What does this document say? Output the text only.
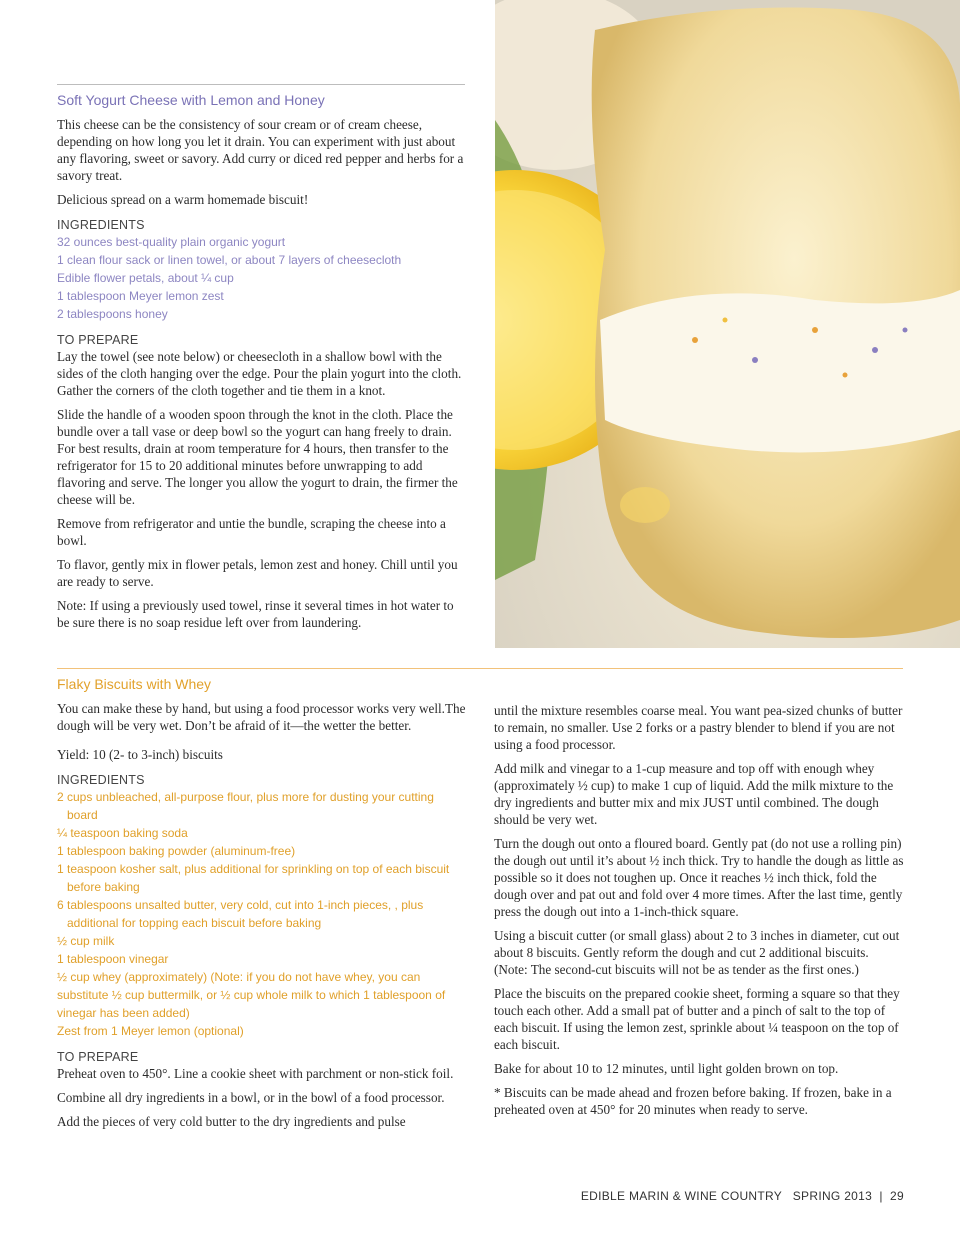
Soft Yogurt Cheese with Lemon and Honey

This cheese can be the consistency of sour cream or of cream cheese, depending on how long you let it drain. You can experiment with just about any flavoring, sweet or savory. Add curry or diced red pepper and herbs for a savory treat.

Delicious spread on a warm homemade biscuit!

INGREDIENTS
32 ounces best-quality plain organic yogurt
1 clean flour sack or linen towel, or about 7 layers of cheesecloth
Edible flower petals, about ¼ cup
1 tablespoon Meyer lemon zest
2 tablespoons honey
TO PREPARE

Lay the towel (see note below) or cheesecloth in a shallow bowl with the sides of the cloth hanging over the edge. Pour the plain yogurt into the cloth. Gather the corners of the cloth together and tie them in a knot.

Slide the handle of a wooden spoon through the knot in the cloth. Place the bundle over a tall vase or deep bowl so the yogurt can hang freely to drain. For best results, drain at room temperature for 4 hours, then transfer to the refrigerator for 15 to 20 additional minutes before unwrapping to add flavoring and serve. The longer you allow the yogurt to drain, the firmer the cheese will be.

Remove from refrigerator and untie the bundle, scraping the cheese into a bowl.

To flavor, gently mix in flower petals, lemon zest and honey. Chill until you are ready to serve.

Note: If using a previously used towel, rinse it several times in hot water to be sure there is no soap residue left over from laundering.

Flaky Biscuits with Whey

You can make these by hand, but using a food processor works very well.The dough will be very wet. Don’t be afraid of it—the wetter the better.

Yield: 10 (2- to 3-inch) biscuits

INGREDIENTS
2 cups unbleached, all-purpose flour, plus more for dusting your cutting board
¼ teaspoon baking soda
1 tablespoon baking powder (aluminum-free)
1 teaspoon kosher salt, plus additional for sprinkling on top of each biscuit before baking
6 tablespoons unsalted butter, very cold, cut into 1-inch pieces, , plus additional for topping each biscuit before baking
½ cup milk
1 tablespoon vinegar
½ cup whey (approximately) (Note: if you do not have whey, you can substitute ½ cup buttermilk, or ½ cup whole milk to which 1 tablespoon of vinegar has been added)
Zest from 1 Meyer lemon (optional)
TO PREPARE

Preheat oven to 450°. Line a cookie sheet with parchment or non-stick foil.

Combine all dry ingredients in a bowl, or in the bowl of a food processor.

Add the pieces of very cold butter to the dry ingredients and pulse

until the mixture resembles coarse meal. You want pea-sized chunks of butter to remain, no smaller. Use 2 forks or a pastry blender to blend if you are not using a food processor.

Add milk and vinegar to a 1-cup measure and top off with enough whey (approximately ½ cup) to make 1 cup of liquid. Add the milk mixture to the dry ingredients and butter mix and mix JUST until combined. The dough should be very wet.

Turn the dough out onto a floured board. Gently pat (do not use a rolling pin) the dough out until it’s about ½ inch thick. Try to handle the dough as little as possible so it does not toughen up. Once it reaches ½ inch thick, fold the dough over and pat out and fold over 4 more times. After the last time, gently press the dough out into a 1-inch-thick square.

Using a biscuit cutter (or small glass) about 2 to 3 inches in diameter, cut out about 8 biscuits. Gently reform the dough and cut 2 additional biscuits. (Note: The second-cut biscuits will not be as tender as the first ones.)

Place the biscuits on the prepared cookie sheet, forming a square so that they touch each other. Add a small pat of butter and a pinch of salt to the top of each biscuit. If using the lemon zest, sprinkle about ¼ teaspoon on the top of each biscuit.

Bake for about 10 to 12 minutes, until light golden brown on top.

* Biscuits can be made ahead and frozen before baking. If frozen, bake in a preheated oven at 450° for 20 minutes when ready to serve.

EDIBLE MARIN & WINE COUNTRY   SPRING 2013  |  29
